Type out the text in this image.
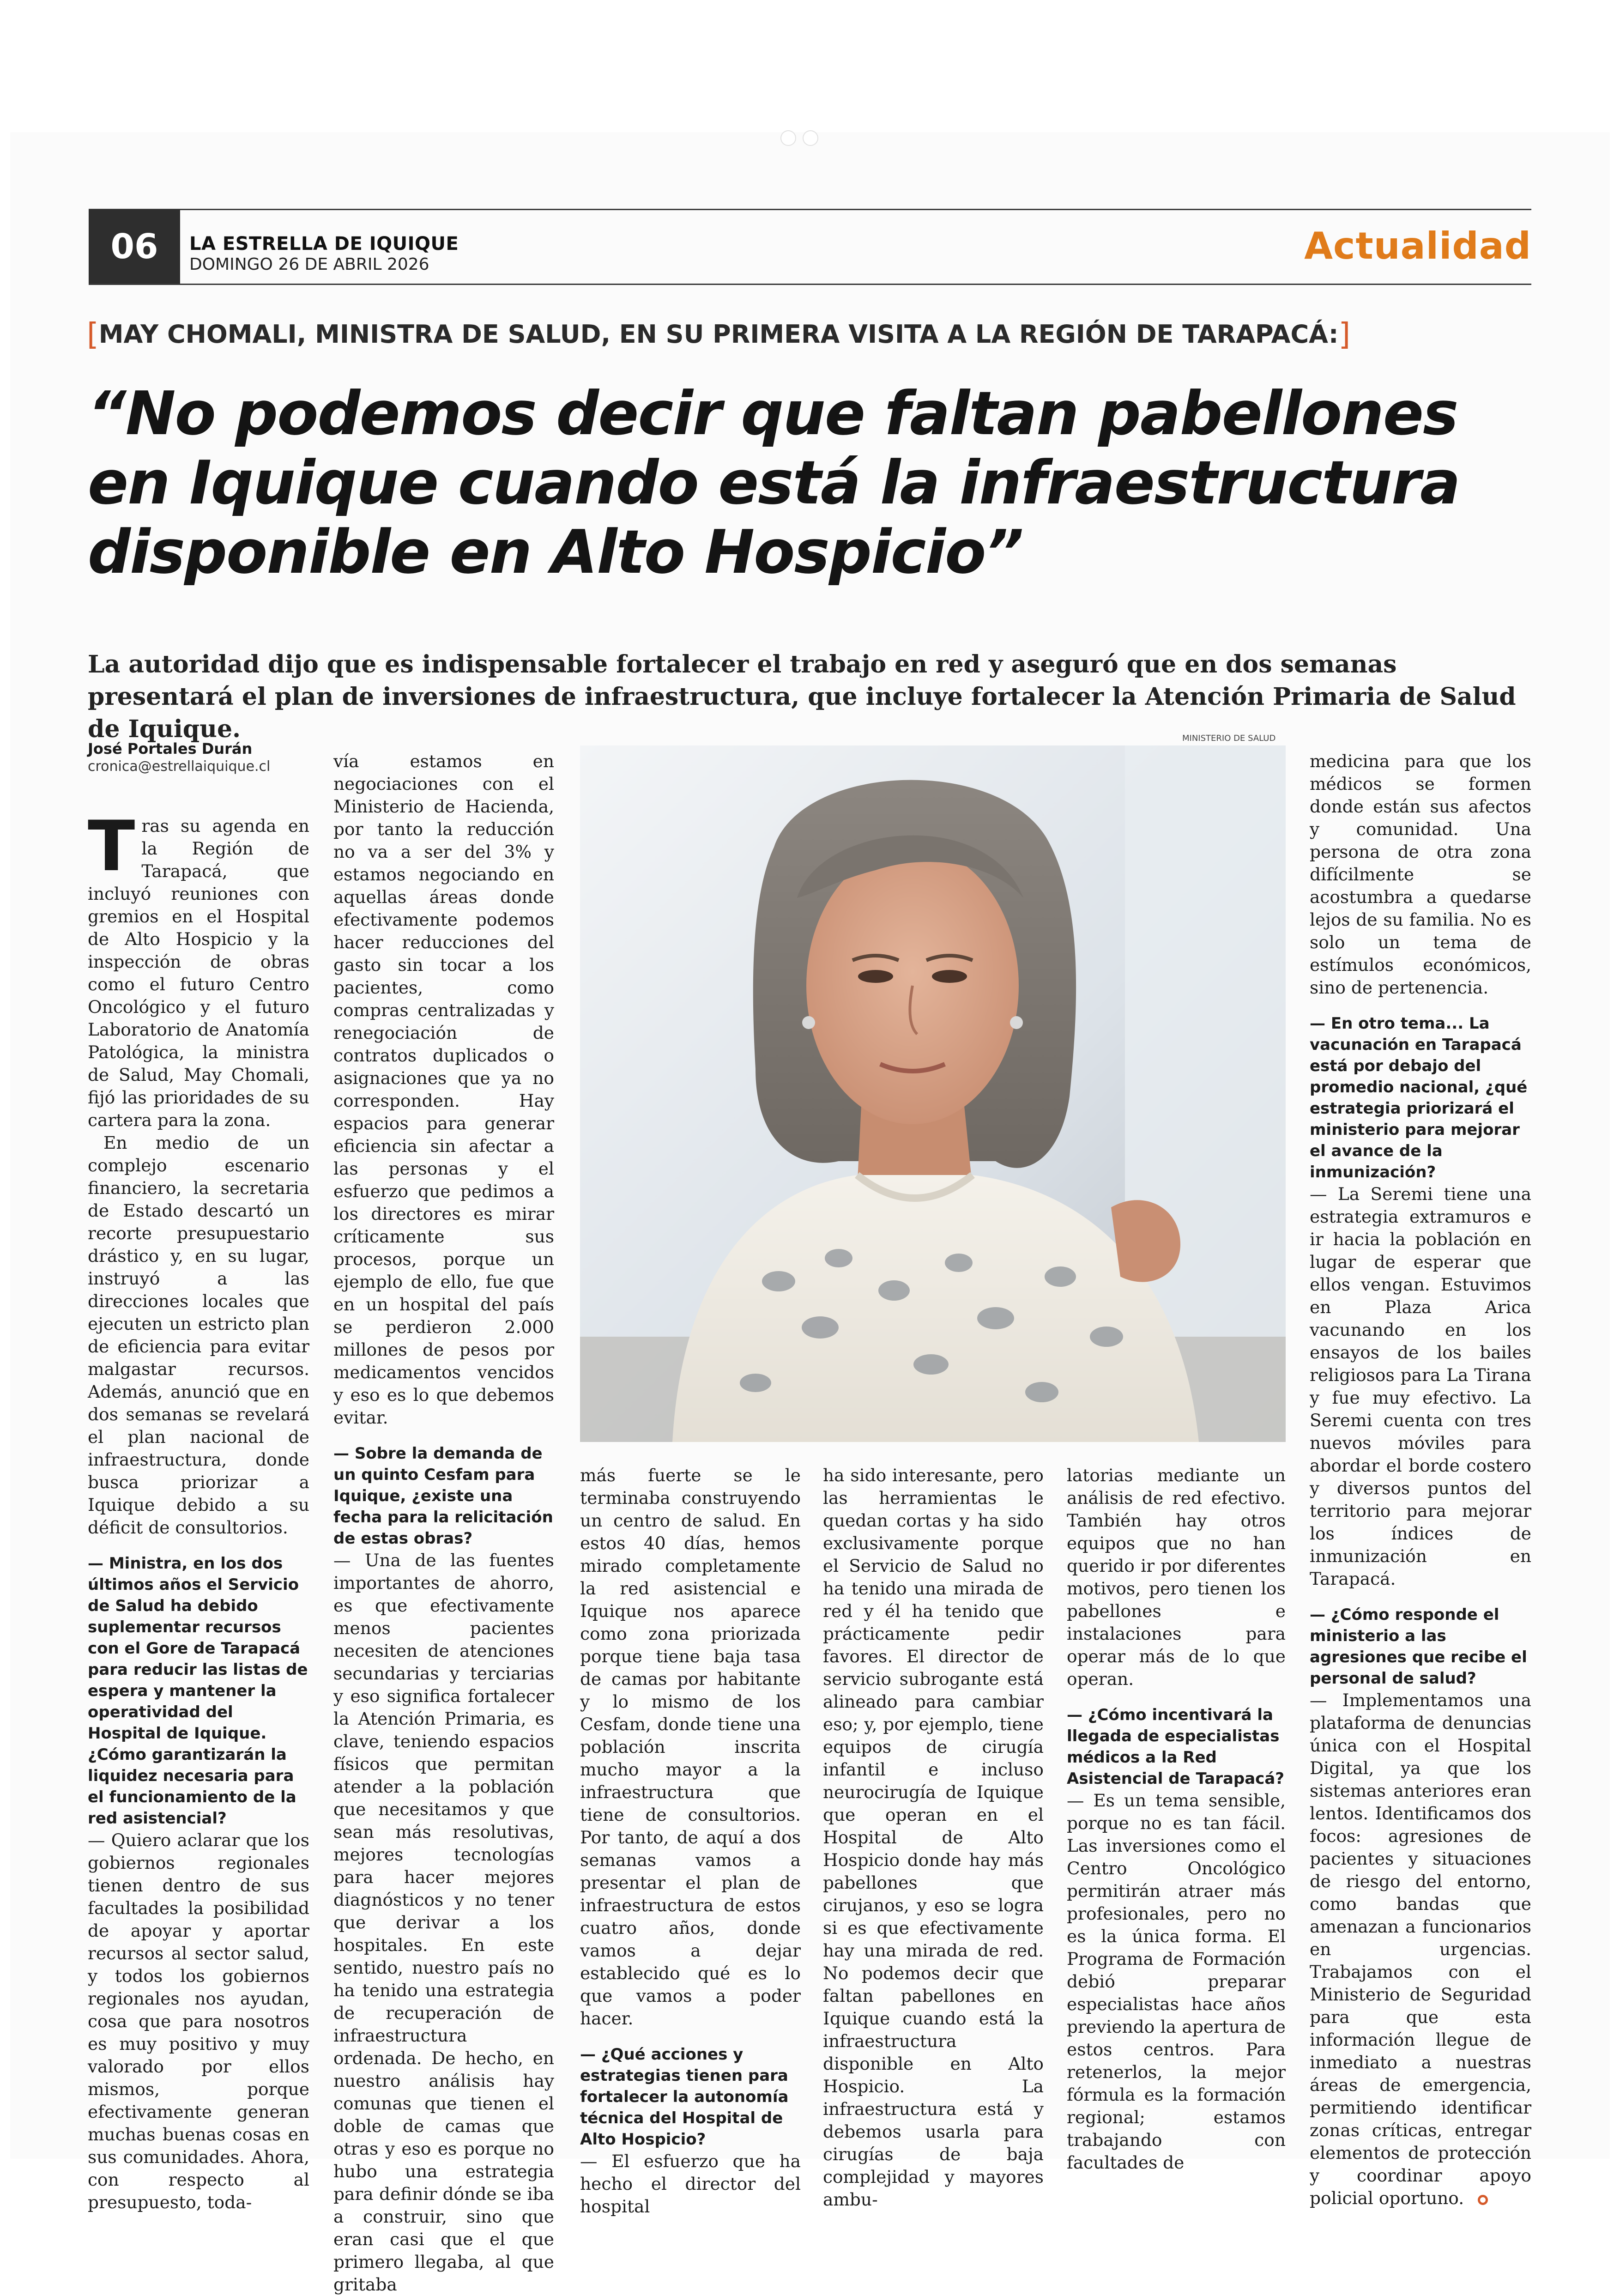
06	LA ESTRELLA DE IQUIQUE
DOMINGO 26 DE ABRIL 2026	Actualidad
[MAY CHOMALI, MINISTRA DE SALUD, EN SU PRIMERA VISITA A LA REGIÓN DE TARAPACÁ:]
“No podemos decir que faltan pabellones en Iquique cuando está la infraestructura disponible en Alto Hospicio”
La autoridad dijo que es indispensable fortalecer el trabajo en red y aseguró que en dos semanas presentará el plan de inversiones de infraestructura, que incluye fortalecer la Atención Primaria de Salud de Iquique.
José Portales Durán
cronica@estrellaiquique.cl
MINISTERIO DE SALUD

Tras su agenda en la Región de Tarapacá, que incluyó reuniones con gremios en el Hospital de Alto Hospicio y la inspección de obras como el futuro Centro Oncológico y el futuro Laboratorio de Anatomía Patológica, la ministra de Salud, May Chomali, fijó las prioridades de su cartera para la zona.

En medio de un complejo escenario financiero, la secretaria de Estado descartó un recorte presupuestario drástico y, en su lugar, instruyó a las direcciones locales que ejecuten un estricto plan de eficiencia para evitar malgastar recursos. Además, anunció que en dos semanas se revelará el plan nacional de infraestructura, donde busca priorizar a Iquique debido a su déficit de consultorios.

— Ministra, en los dos últimos años el Servicio de Salud ha debido suplementar recursos con el Gore de Tarapacá para reducir las listas de espera y mantener la operatividad del Hospital de Iquique. ¿Cómo garantizarán la liquidez necesaria para el funcionamiento de la red asistencial?

— Quiero aclarar que los gobiernos regionales tienen dentro de sus facultades la posibilidad de apoyar y aportar recursos al sector salud, y todos los gobiernos regionales nos ayudan, cosa que para nosotros es muy positivo y muy valorado por ellos mismos, porque efectivamente generan muchas buenas cosas en sus comunidades. Ahora, con respecto al presupuesto, toda-

vía estamos en negociaciones con el Ministerio de Hacienda, por tanto la reducción no va a ser del 3% y estamos negociando en aquellas áreas donde efectivamente podemos hacer reducciones del gasto sin tocar a los pacientes, como compras centralizadas y renegociación de contratos duplicados o asignaciones que ya no corresponden. Hay espacios para generar eficiencia sin afectar a las personas y el esfuerzo que pedimos a los directores es mirar críticamente sus procesos, porque un ejemplo de ello, fue que en un hospital del país se perdieron 2.000 millones de pesos por medicamentos vencidos y eso es lo que debemos evitar.

— Sobre la demanda de un quinto Cesfam para Iquique, ¿existe una fecha para la relicitación de estas obras?

— Una de las fuentes importantes de ahorro, es que efectivamente menos pacientes necesiten de atenciones secundarias y terciarias y eso significa fortalecer la Atención Primaria, es clave, teniendo espacios físicos que permitan atender a la población que necesitamos y que sean más resolutivas, mejores tecnologías para hacer mejores diagnósticos y no tener que derivar a los hospitales. En este sentido, nuestro país no ha tenido una estrategia de recuperación de infraestructura ordenada. De hecho, en nuestro análisis hay comunas que tienen el doble de camas que otras y eso es porque no hubo una estrategia para definir dónde se iba a construir, sino que eran casi que el que primero llegaba, al que gritaba

más fuerte se le terminaba construyendo un centro de salud. En estos 40 días, hemos mirado completamente la red asistencial e Iquique nos aparece como zona priorizada porque tiene baja tasa de camas por habitante y lo mismo de los Cesfam, donde tiene una población inscrita mucho mayor a la infraestructura que tiene de consultorios. Por tanto, de aquí a dos semanas vamos a presentar el plan de infraestructura de estos cuatro años, donde vamos a dejar establecido qué es lo que vamos a poder hacer.

— ¿Qué acciones y estrategias tienen para fortalecer la autonomía técnica del Hospital de Alto Hospicio?

— El esfuerzo que ha hecho el director del hospital

ha sido interesante, pero las herramientas le quedan cortas y ha sido exclusivamente porque el Servicio de Salud no ha tenido una mirada de red y él ha tenido que prácticamente pedir favores. El director de servicio subrogante está alineado para cambiar eso; y, por ejemplo, tiene equipos de cirugía infantil e incluso neurocirugía de Iquique que operan en el Hospital de Alto Hospicio donde hay más pabellones que cirujanos, y eso se logra si es que efectivamente hay una mirada de red. No podemos decir que faltan pabellones en Iquique cuando está la infraestructura disponible en Alto Hospicio. La infraestructura está y debemos usarla para cirugías de baja complejidad y mayores ambu-

latorias mediante un análisis de red efectivo. También hay otros equipos que no han querido ir por diferentes motivos, pero tienen los pabellones e instalaciones para operar más de lo que operan.

— ¿Cómo incentivará la llegada de especialistas médicos a la Red Asistencial de Tarapacá?

— Es un tema sensible, porque no es tan fácil. Las inversiones como el Centro Oncológico permitirán atraer más profesionales, pero no es la única forma. El Programa de Formación debió preparar especialistas hace años previendo la apertura de estos centros. Para retenerlos, la mejor fórmula es la formación regional; estamos trabajando con facultades de

medicina para que los médicos se formen donde están sus afectos y comunidad. Una persona de otra zona difícilmente se acostumbra a quedarse lejos de su familia. No es solo un tema de estímulos económicos, sino de pertenencia.

— En otro tema... La vacunación en Tarapacá está por debajo del promedio nacional, ¿qué estrategia priorizará el ministerio para mejorar el avance de la inmunización?

— La Seremi tiene una estrategia extramuros e ir hacia la población en lugar de esperar que ellos vengan. Estuvimos en Plaza Arica vacunando en los ensayos de los bailes religiosos para La Tirana y fue muy efectivo. La Seremi cuenta con tres nuevos móviles para abordar el borde costero y diversos puntos del territorio para mejorar los índices de inmunización en Tarapacá.

— ¿Cómo responde el ministerio a las agresiones que recibe el personal de salud?

— Implementamos una plataforma de denuncias única con el Hospital Digital, ya que los sistemas anteriores eran lentos. Identificamos dos focos: agresiones de pacientes y situaciones de riesgo del entorno, como bandas que amenazan a funcionarios en urgencias. Trabajamos con el Ministerio de Seguridad para que esta información llegue de inmediato a nuestras áreas de emergencia, permitiendo identificar zonas críticas, entregar elementos de protección y coordinar apoyo policial oportuno.
